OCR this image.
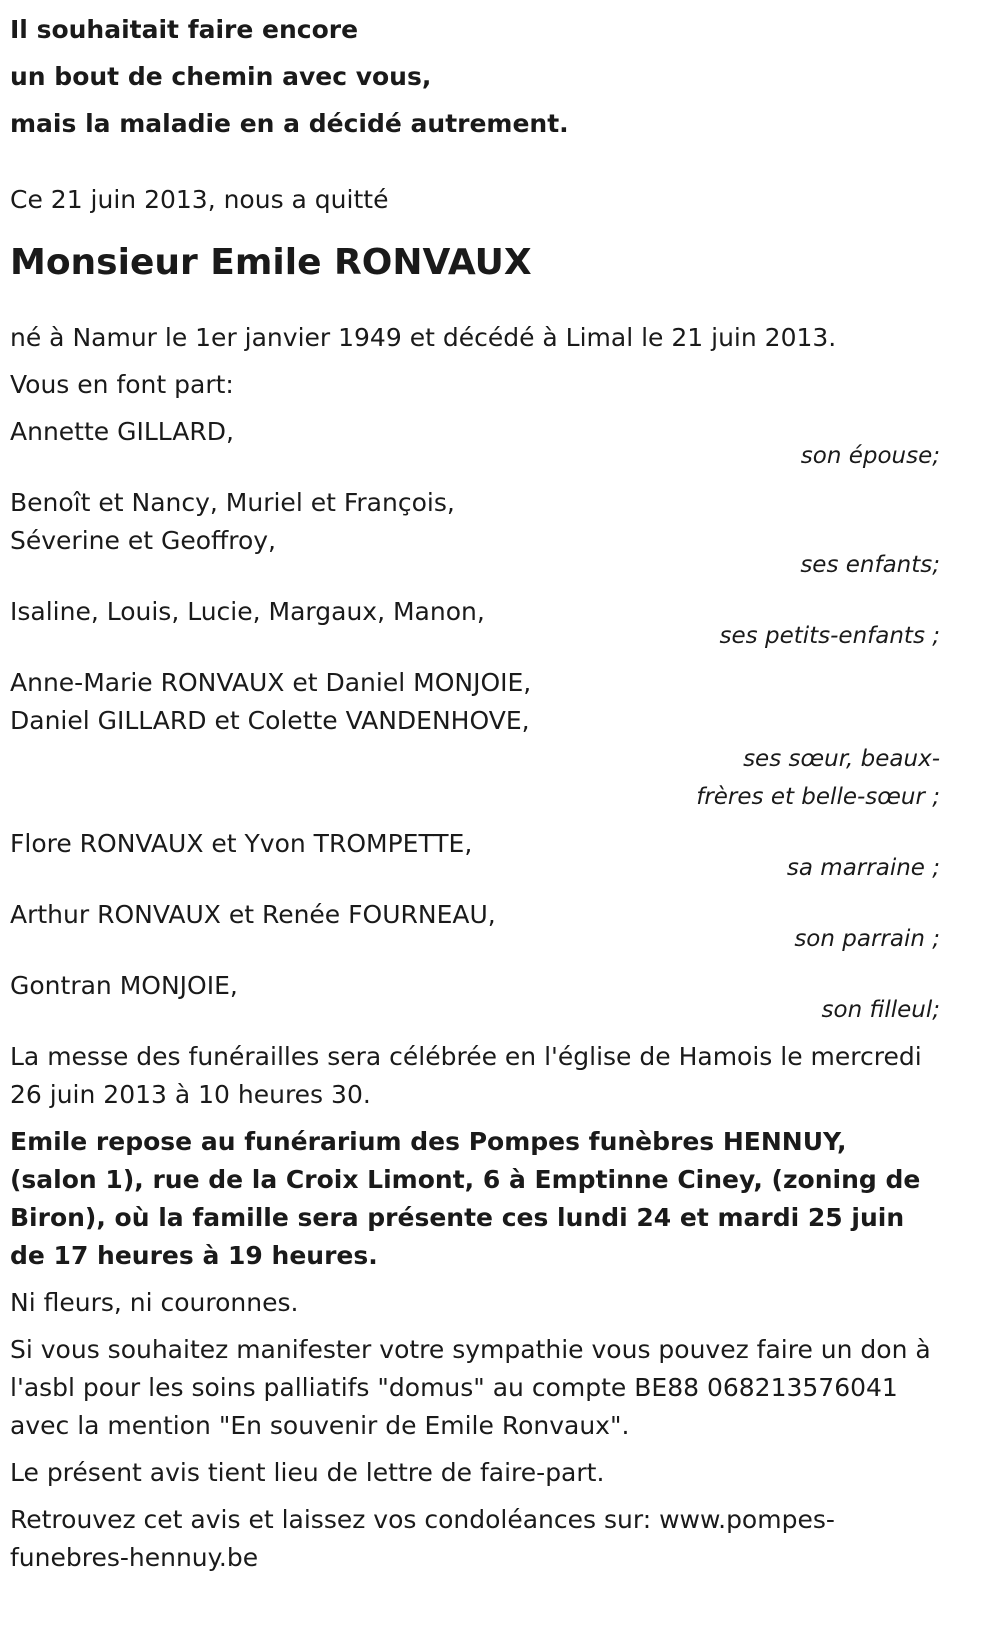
Il souhaitait faire encore
un bout de chemin avec vous,
mais la maladie en a décidé autrement.
Ce 21 juin 2013, nous a quitté
Monsieur Emile RONVAUX

né à Namur le 1er janvier 1949 et décédé à Limal le 21 juin 2013.

Vous en font part:

Annette GILLARD,
son épouse;
Benoît et Nancy, Muriel et François,
Séverine et Geoffroy,
ses enfants;
Isaline, Louis, Lucie, Margaux, Manon,
ses petits-enfants ;
Anne-Marie RONVAUX et Daniel MONJOIE,
Daniel GILLARD et Colette VANDENHOVE,
ses sœur, beaux-frères et belle-sœur ;
Flore RONVAUX et Yvon TROMPETTE,
sa marraine ;
Arthur RONVAUX et Renée FOURNEAU,
son parrain ;
Gontran MONJOIE,
son filleul;

La messe des funérailles sera célébrée en l'église de Hamois le mercredi 26 juin 2013 à 10 heures 30.

Emile repose au funérarium des Pompes funèbres HENNUY, (salon 1), rue de la Croix Limont, 6 à Emptinne Ciney, (zoning de Biron), où la famille sera présente ces lundi 24 et mardi 25 juin de 17 heures à 19 heures.

Ni fleurs, ni couronnes.

Si vous souhaitez manifester votre sympathie vous pouvez faire un don à l'asbl pour les soins palliatifs "domus" au compte BE88 068213576041 avec la mention "En souvenir de Emile Ronvaux".

Le présent avis tient lieu de lettre de faire-part.

Retrouvez cet avis et laissez vos condoléances sur: www.pompes-funebres-hennuy.be
